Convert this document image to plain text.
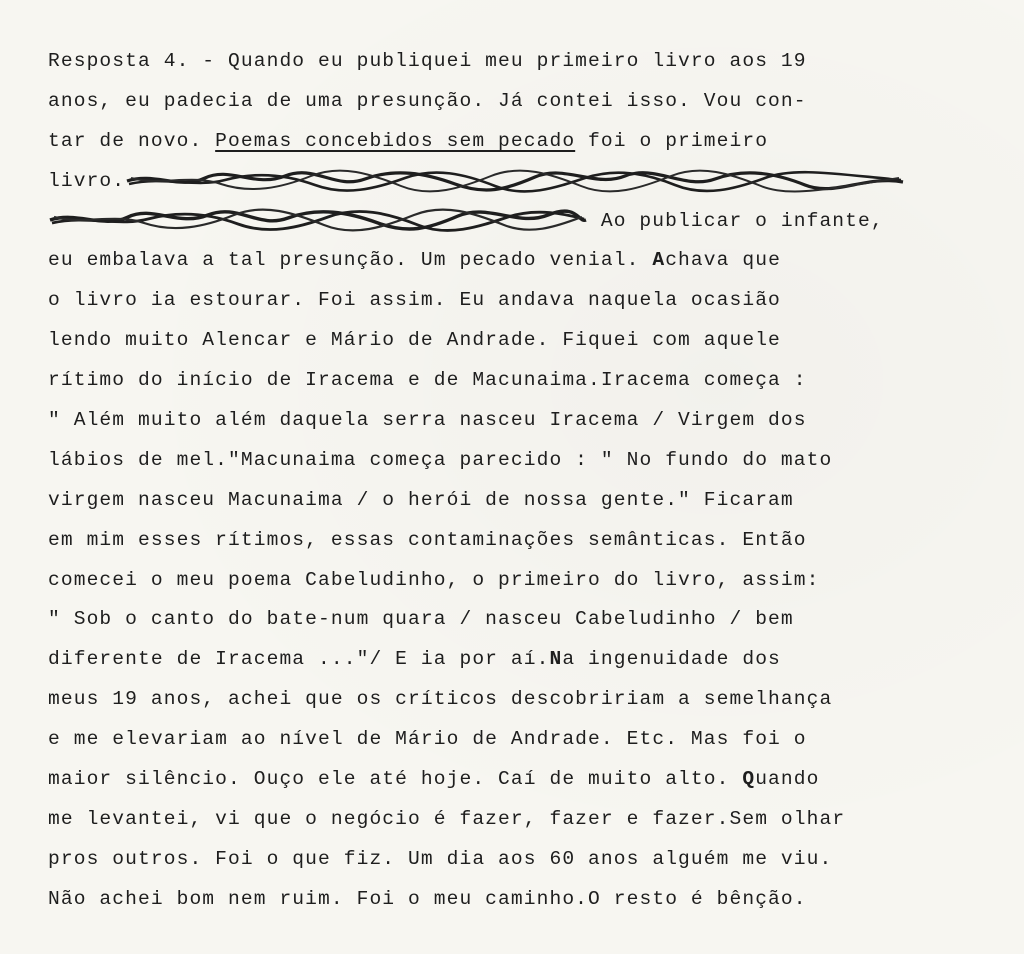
Resposta 4. - Quando eu publiquei meu primeiro livro aos 19
anos, eu padecia de uma presunção. Já contei isso. Vou con-
tar de novo. Poemas concebidos sem pecado foi o primeiro
livro.
Ao publicar o infante,
eu embalava a tal presunção. Um pecado venial. Achava que
o livro ia estourar. Foi assim. Eu andava naquela ocasião
lendo muito Alencar e Mário de Andrade. Fiquei com aquele
rítimo do início de Iracema e de Macunaima.Iracema começa :
" Além muito além daquela serra nasceu Iracema / Virgem dos
lábios de mel."Macunaima começa parecido : " No fundo do mato
virgem nasceu Macunaima / o herói de nossa gente." Ficaram
em mim esses rítimos, essas contaminações semânticas. Então
comecei o meu poema Cabeludinho, o primeiro do livro, assim:
" Sob o canto do bate-num quara / nasceu Cabeludinho / bem
diferente de Iracema ..."/ E ia por aí.Na ingenuidade dos
meus 19 anos, achei que os críticos descobririam a semelhança
e me elevariam ao nível de Mário de Andrade. Etc. Mas foi o
maior silêncio. Ouço ele até hoje. Caí de muito alto. Quando
me levantei, vi que o negócio é fazer, fazer e fazer.Sem olhar
pros outros. Foi o que fiz. Um dia aos 60 anos alguém me viu.
Não achei bom nem ruim. Foi o meu caminho.O resto é bênção.
